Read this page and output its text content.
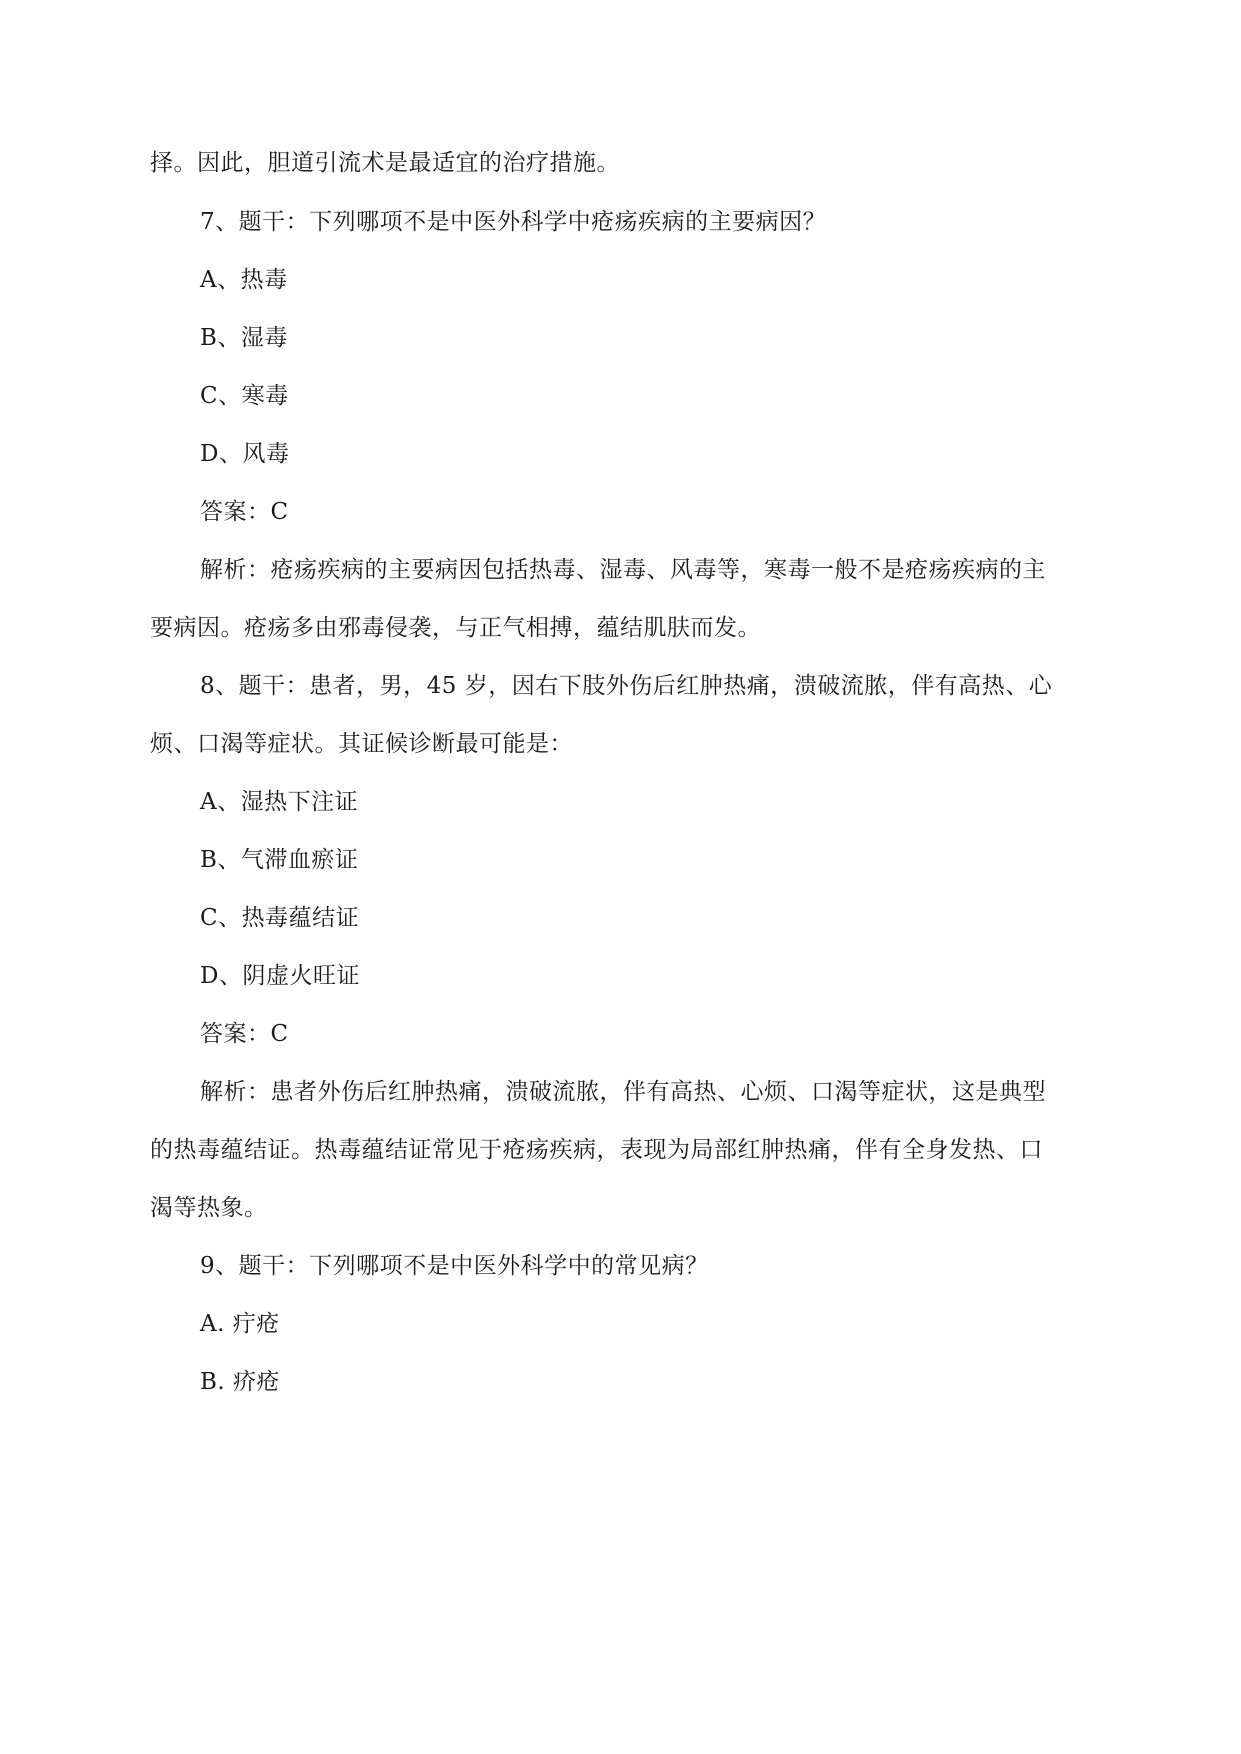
择。因此，胆道引流术是最适宜的治疗措施。
7、题干：下列哪项不是中医外科学中疮疡疾病的主要病因？
A、热毒
B、湿毒
C、寒毒
D、风毒
答案：C
解析：疮疡疾病的主要病因包括热毒、湿毒、风毒等，寒毒一般不是疮疡疾病的主
要病因。疮疡多由邪毒侵袭，与正气相搏，蕴结肌肤而发。
8、题干：患者，男，45 岁，因右下肢外伤后红肿热痛，溃破流脓，伴有高热、心
烦、口渴等症状。其证候诊断最可能是：
A、湿热下注证
B、气滞血瘀证
C、热毒蕴结证
D、阴虚火旺证
答案：C
解析：患者外伤后红肿热痛，溃破流脓，伴有高热、心烦、口渴等症状，这是典型
的热毒蕴结证。热毒蕴结证常见于疮疡疾病，表现为局部红肿热痛，伴有全身发热、口
渴等热象。
9、题干：下列哪项不是中医外科学中的常见病？
A. 疔疮
B. 疥疮
